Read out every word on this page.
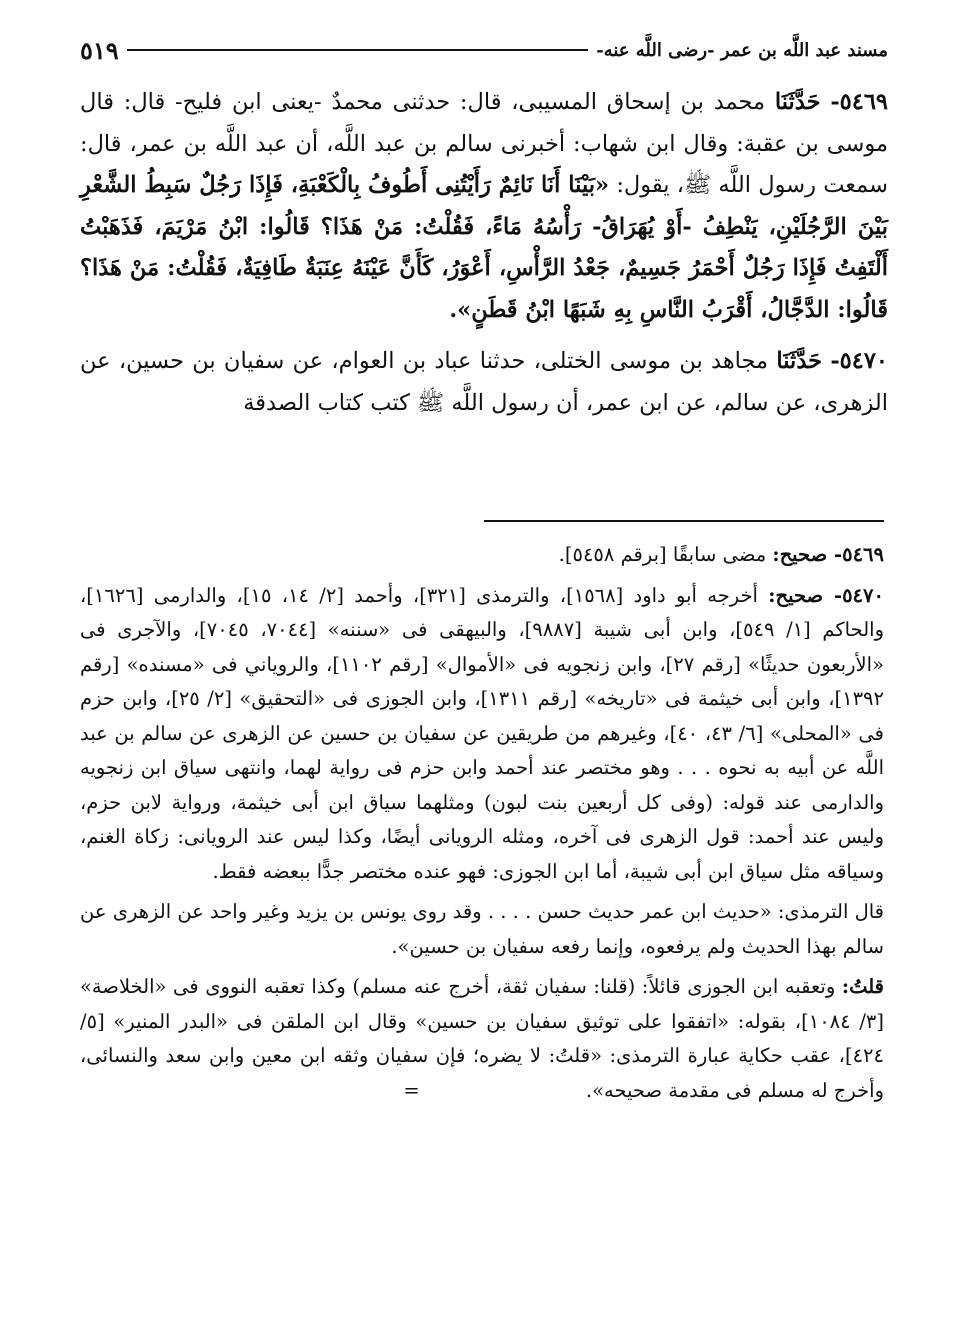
مسند عبد اللَّه بن عمر -رضى اللَّه عنه-
٥١٩

٥٤٦٩- حَدَّثَنَا محمد بن إسحاق المسيبى، قال: حدثنى محمدٌ -يعنى ابن فليح- قال: قال موسى بن عقبة: وقال ابن شهاب: أخبرنى سالم بن عبد اللَّه، أن عبد اللَّه بن عمر، قال: سمعت رسول اللَّه ﷺ، يقول: «بَيْنَا أَنَا نَائِمٌ رَأَيْتُنِى أَطُوفُ بِالْكَعْبَةِ، فَإِذَا رَجُلٌ سَبِطُ الشَّعْرِ بَيْنَ الرَّجُلَيْنِ، يَنْطِفُ -أَوْ يُهَرَاقُ- رَأْسُهُ مَاءً، فَقُلْتُ: مَنْ هَذَا؟ قَالُوا: ابْنُ مَرْيَمَ، فَذَهَبْتُ أَلْتَفِتُ فَإِذَا رَجُلٌ أَحْمَرُ جَسِيمٌ، جَعْدُ الرَّأْسِ، أَعْوَرُ، كَأَنَّ عَيْنَهُ عِنَبَةٌ طَافِيَةٌ، فَقُلْتُ: مَنْ هَذَا؟ قَالُوا: الدَّجَّالُ، أَقْرَبُ النَّاسِ بِهِ شَبَهًا ابْنُ قَطَنٍ».

٥٤٧٠- حَدَّثَنَا مجاهد بن موسى الختلى، حدثنا عباد بن العوام، عن سفيان بن حسين، عن الزهرى، عن سالم، عن ابن عمر، أن رسول اللَّه ﷺ كتب كتاب الصدقة

٥٤٦٩- صحيح: مضى سابقًا [برقم ٥٤٥٨].

٥٤٧٠- صحيح: أخرجه أبو داود [١٥٦٨]، والترمذى [٣٢١]، وأحمد [٢/ ١٤، ١٥]، والدارمى [١٦٢٦]، والحاكم [١/ ٥٤٩]، وابن أبى شيبة [٩٨٨٧]، والبيهقى فى «سننه» [٧٠٤٤، ٧٠٤٥]، والآجرى فى «الأربعون حديثًا» [رقم ٢٧]، وابن زنجويه فى «الأموال» [رقم ١١٠٢]، والروياني فى «مسنده» [رقم ١٣٩٢]، وابن أبى خيثمة فى «تاريخه» [رقم ١٣١١]، وابن الجوزى فى «التحقيق» [٢/ ٢٥]، وابن حزم فى «المحلى» [٦/ ٤٣، ٤٠]، وغيرهم من طريقين عن سفيان بن حسين عن الزهرى عن سالم بن عبد اللَّه عن أبيه به نحوه . . . وهو مختصر عند أحمد وابن حزم فى رواية لهما، وانتهى سياق ابن زنجويه والدارمى عند قوله: (وفى كل أربعين بنت لبون) ومثلهما سياق ابن أبى خيثمة، ورواية لابن حزم، وليس عند أحمد: قول الزهرى فى آخره، ومثله الرويانى أيضًا، وكذا ليس عند الرويانى: زكاة الغنم، وسياقه مثل سياق ابن أبى شيبة، أما ابن الجوزى: فهو عنده مختصر جدًّا ببعضه فقط.

قال الترمذى: «حديث ابن عمر حديث حسن . . . . وقد روى يونس بن يزيد وغير واحد عن الزهرى عن سالم بهذا الحديث ولم يرفعوه، وإنما رفعه سفيان بن حسين».

قلتُ: وتعقبه ابن الجوزى قائلاً: (قلنا: سفيان ثقة، أخرج عنه مسلم) وكذا تعقبه النووى فى «الخلاصة» [٣/ ١٠٨٤]، بقوله: «اتفقوا على توثيق سفيان بن حسين» وقال ابن الملقن فى «البدر المنير» [٥/ ٤٢٤]، عقب حكاية عبارة الترمذى: «قلتُ: لا يضره؛ فإن سفيان وثقه ابن معين وابن سعد والنسائى، وأخرج له مسلم فى مقدمة صحيحه». =
